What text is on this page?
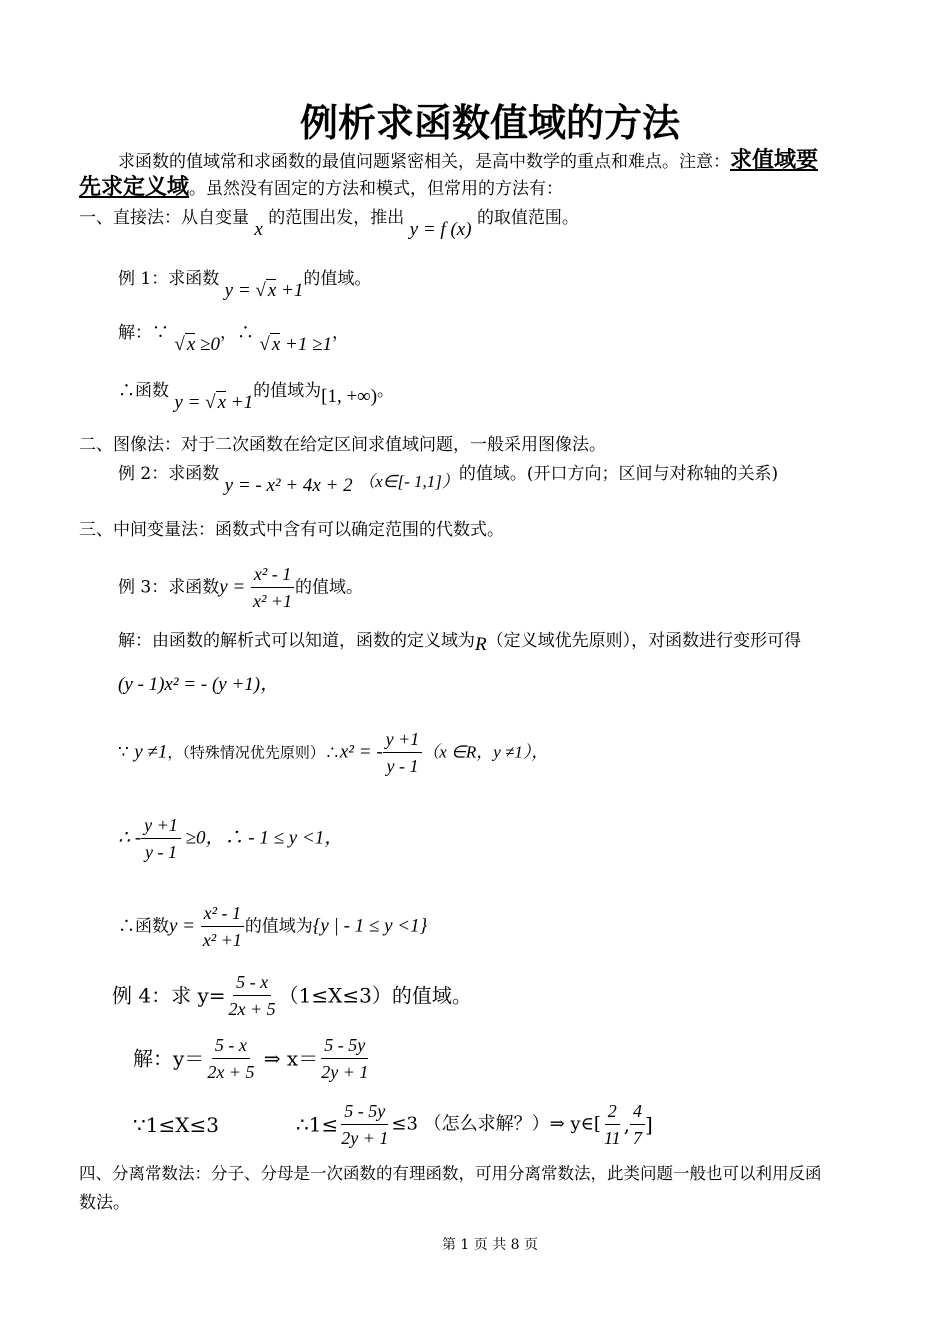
例析求函数值域的方法
求函数的值域常和求函数的最值问题紧密相关，是高中数学的重点和难点。注意：求值域要
先求定义域。虽然没有固定的方法和模式，但常用的方法有：
一、直接法：从自变量 x 的范围出发，推出 y = f (x) 的取值范围。
例 1：求函数 y = √ x +1的值域。
解：∵ √ x ≥0，∴ √ x +1 ≥1，
∴函数 y = √ x +1的值域为[1, +∞)。
二、图像法：对于二次函数在给定区间求值域问题，一般采用图像法。
例 2：求函数 y = - x² + 4x + 2 （x∈[- 1,1]）的值域。(开口方向；区间与对称轴的关系)
三、中间变量法：函数式中含有可以确定范围的代数式。
例 3：求函数$y = \frac{\text{x² - 1}}{\text{x² +1}}$ 的值域。
解：由函数的解析式可以知道，函数的定义域为R（定义域优先原则），对函数进行变形可得
(y - 1)x² = - (y +1)，
∵ y ≠1，（特殊情况优先原则）∴x² = - $\frac{y +1}{y - 1} (x$ ∈R，y ≠1），
∴ - $\frac{y +1}{y - 1} \ge 0$，∴ - 1 ≤ y <1，
∴函数$y = \frac{\text{x² - 1}}{\text{x² +1}}$ 的值域为{y | - 1 ≤ y <1}
例 4：求 $y= \frac{5 - x}{2x + 5} (1\le X\le 3)$的值域。
解：$y= \frac{5 - x}{2x + 5}$ ⇒ $x= \frac{5 - 5y}{2y + 1}$
∵1≤X≤3	∴1≤ $\frac{5 - 5y}{2y + 1} \le 3$ （怎么求解？）⇒ y∈[ $\frac{2}{11}$ , $\frac{4}{7}$ ]
四、分离常数法：分子、分母是一次函数的有理函数，可用分离常数法，此类问题一般也可以利用反函
数法。
第 1 页 共 8 页
